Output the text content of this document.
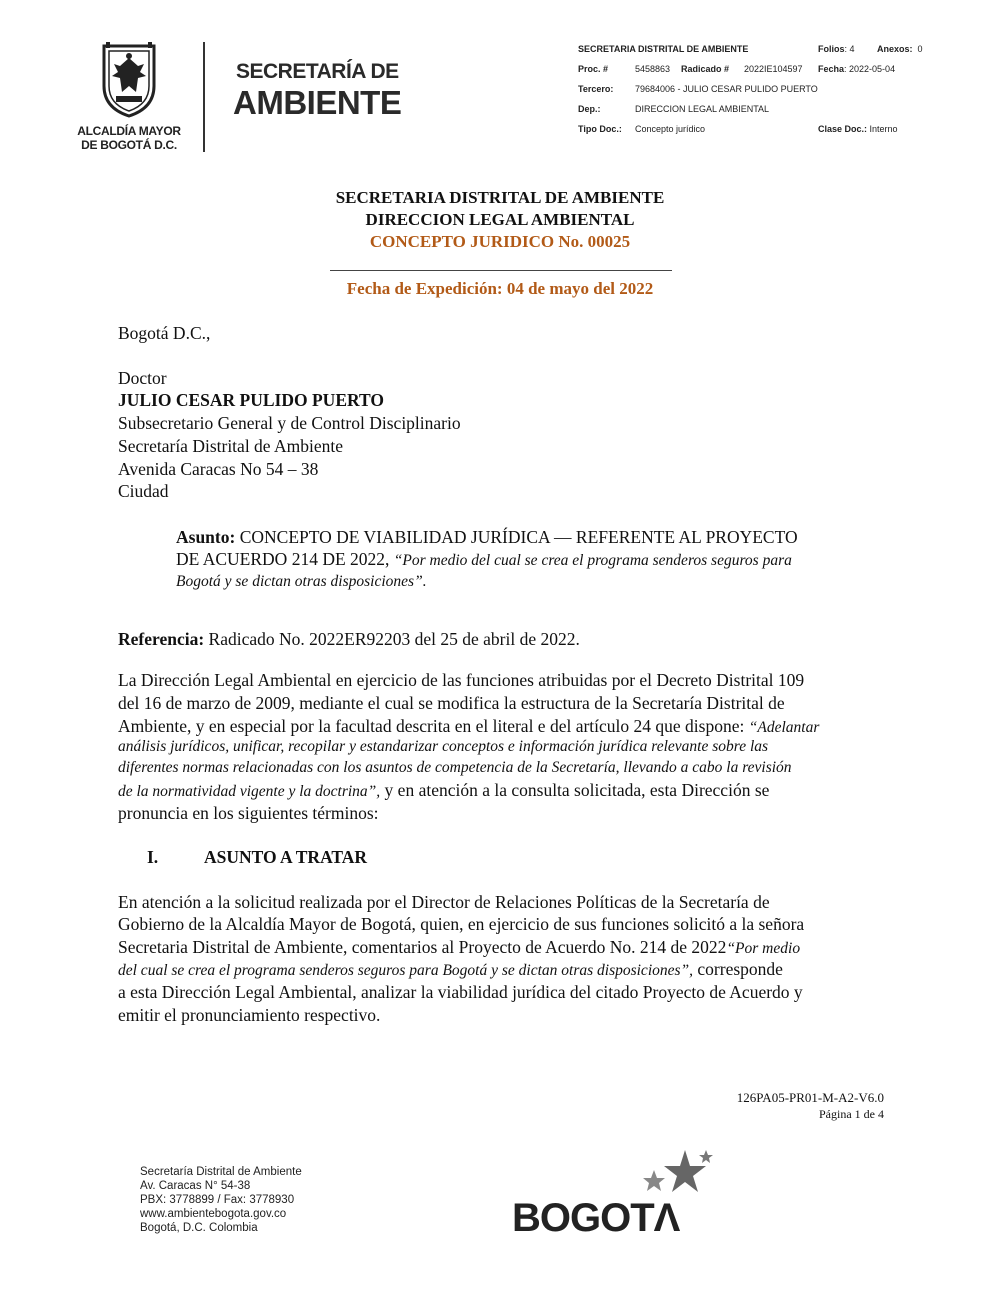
ALCALDÍA MAYOR
DE BOGOTÁ D.C.
SECRETARÍA DE
AMBIENTE
SECRETARIA DISTRITAL DE AMBIENTE	Folios: 4 Anexos: 0
Proc. #	5458863 Radicado # 2022IE104597 Fecha: 2022-05-04
Tercero: 79684006 - JULIO CESAR PULIDO PUERTO
Dep.:	DIRECCION LEGAL AMBIENTAL
Tipo Doc.: Concepto jurídico	Clase Doc.: Interno
SECRETARIA DISTRITAL DE AMBIENTE
DIRECCION LEGAL AMBIENTAL
CONCEPTO JURIDICO No. 00025
Fecha de Expedición: 04 de mayo del 2022
Bogotá D.C.,
Doctor
JULIO CESAR PULIDO PUERTO
Subsecretario General y de Control Disciplinario
Secretaría Distrital de Ambiente
Avenida Caracas No 54 – 38
Ciudad
Asunto: CONCEPTO DE VIABILIDAD JURÍDICA — REFERENTE AL PROYECTO
DE ACUERDO 214 DE 2022, “Por medio del cual se crea el programa senderos seguros para
Bogotá y se dictan otras disposiciones”.
Referencia: Radicado No. 2022ER92203 del 25 de abril de 2022.
La Dirección Legal Ambiental en ejercicio de las funciones atribuidas por el Decreto Distrital 109
del 16 de marzo de 2009, mediante el cual se modifica la estructura de la Secretaría Distrital de
Ambiente, y en especial por la facultad descrita en el literal e del artículo 24 que dispone: “Adelantar
análisis jurídicos, unificar, recopilar y estandarizar conceptos e información jurídica relevante sobre las
diferentes normas relacionadas con los asuntos de competencia de la Secretaría, llevando a cabo la revisión
de la normatividad vigente y la doctrina”, y en atención a la consulta solicitada, esta Dirección se
pronuncia en los siguientes términos:
I.	ASUNTO A TRATAR
En atención a la solicitud realizada por el Director de Relaciones Políticas de la Secretaría de
Gobierno de la Alcaldía Mayor de Bogotá, quien, en ejercicio de sus funciones solicitó a la señora
Secretaria Distrital de Ambiente, comentarios al Proyecto de Acuerdo No. 214 de 2022“Por medio
del cual se crea el programa senderos seguros para Bogotá y se dictan otras disposiciones”, corresponde
a esta Dirección Legal Ambiental, analizar la viabilidad jurídica del citado Proyecto de Acuerdo y
emitir el pronunciamiento respectivo.
126PA05-PR01-M-A2-V6.0
Página 1 de 4
Secretaría Distrital de Ambiente
Av. Caracas N° 54-38
PBX: 3778899 / Fax: 3778930
www.ambientebogota.gov.co
Bogotá, D.C. Colombia	BOGOTΛ
